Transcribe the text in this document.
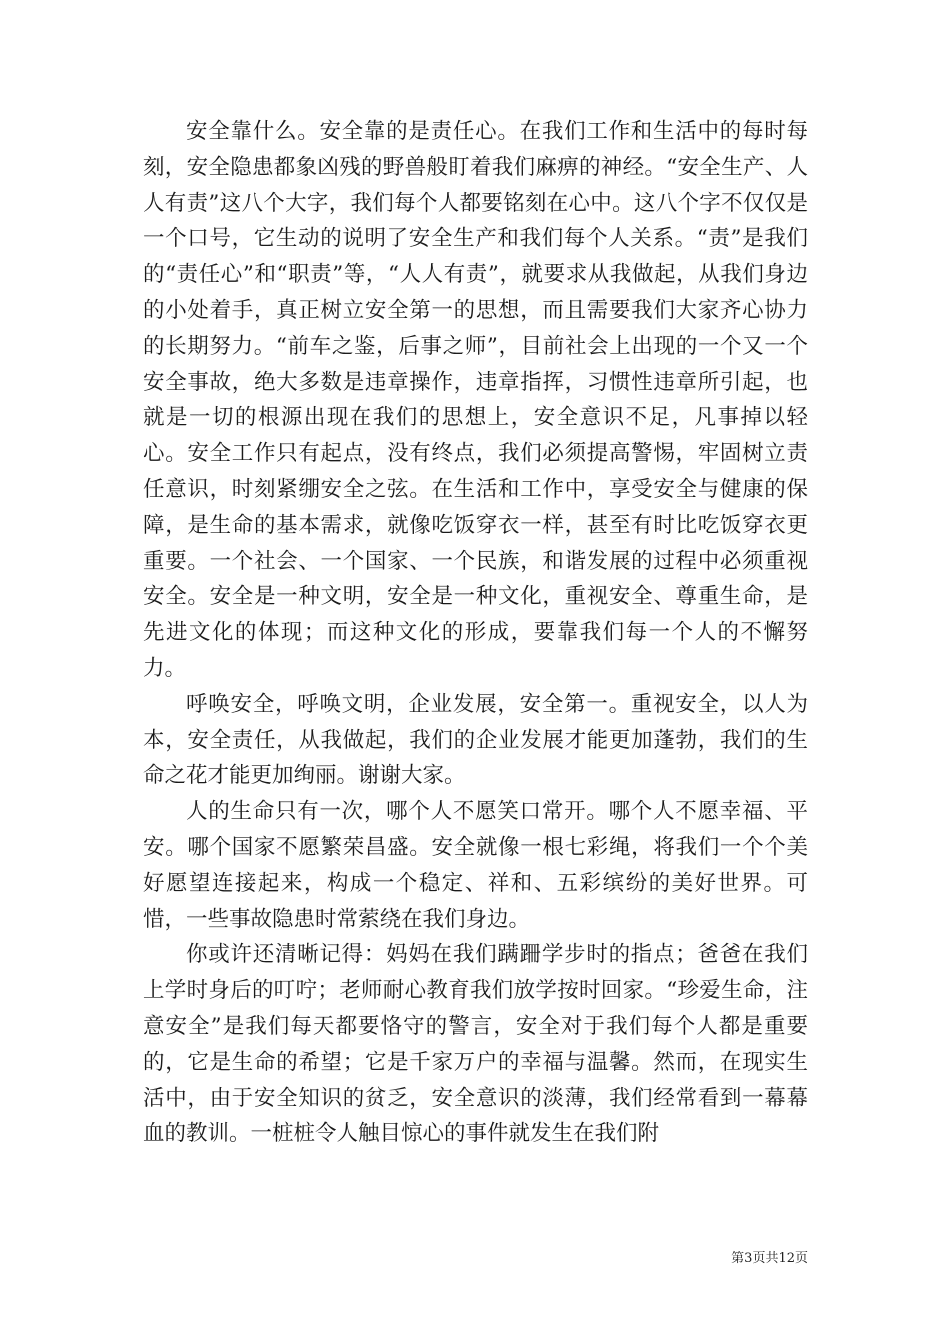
安全靠什么。安全靠的是责任心。在我们工作和生活中的每时每刻，安全隐患都象凶残的野兽般盯着我们麻痹的神经。“安全生产、人人有责”这八个大字，我们每个人都要铭刻在心中。这八个字不仅仅是一个口号，它生动的说明了安全生产和我们每个人关系。“责”是我们的“责任心”和“职责”等，“人人有责”，就要求从我做起，从我们身边的小处着手，真正树立安全第一的思想，而且需要我们大家齐心协力的长期努力。“前车之鉴，后事之师”，目前社会上出现的一个又一个安全事故，绝大多数是违章操作，违章指挥，习惯性违章所引起，也就是一切的根源出现在我们的思想上，安全意识不足，凡事掉以轻心。安全工作只有起点，没有终点，我们必须提高警惕，牢固树立责任意识，时刻紧绷安全之弦。在生活和工作中，享受安全与健康的保障，是生命的基本需求，就像吃饭穿衣一样，甚至有时比吃饭穿衣更重要。一个社会、一个国家、一个民族，和谐发展的过程中必须重视安全。安全是一种文明，安全是一种文化，重视安全、尊重生命，是先进文化的体现；而这种文化的形成，要靠我们每一个人的不懈努力。

呼唤安全，呼唤文明，企业发展，安全第一。重视安全，以人为本，安全责任，从我做起，我们的企业发展才能更加蓬勃，我们的生命之花才能更加绚丽。谢谢大家。

人的生命只有一次，哪个人不愿笑口常开。哪个人不愿幸福、平安。哪个国家不愿繁荣昌盛。安全就像一根七彩绳，将我们一个个美好愿望连接起来，构成一个稳定、祥和、五彩缤纷的美好世界。可惜，一些事故隐患时常萦绕在我们身边。

你或许还清晰记得：妈妈在我们蹒跚学步时的指点；爸爸在我们上学时身后的叮咛；老师耐心教育我们放学按时回家。“珍爱生命，注意安全”是我们每天都要恪守的警言，安全对于我们每个人都是重要的，它是生命的希望；它是千家万户的幸福与温馨。然而，在现实生活中，由于安全知识的贫乏，安全意识的淡薄，我们经常看到一幕幕血的教训。一桩桩令人触目惊心的事件就发生在我们附

第3页共12页
